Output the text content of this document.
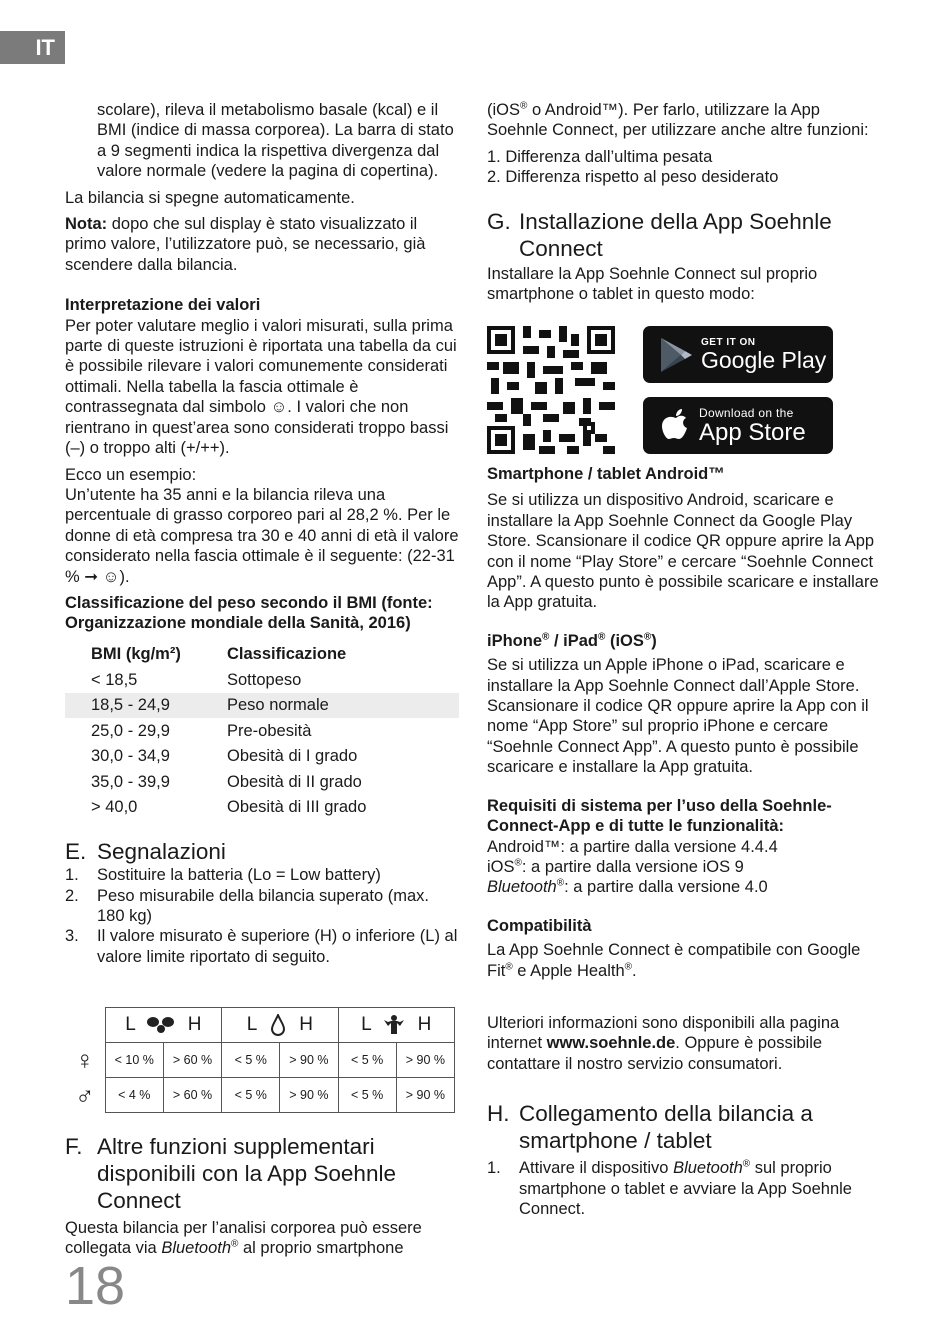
IT

scolare), rileva il metabolismo basale (kcal) e il BMI (indice di massa corporea). La barra di stato a 9 segmenti indica la rispettiva divergenza dal valore normale (vedere la pagina di copertina).

La bilancia si spegne automaticamente.

Nota: dopo che sul display è stato visualizzato il primo valore, l’utilizzatore può, se necessario, già scendere dalla bilancia.

Interpretazione dei valori

Per poter valutare meglio i valori misurati, sulla prima parte di queste istruzioni è riportata una tabella da cui è possibile rilevare i valori comunemente considerati ottimali. Nella tabella la fascia ottimale è contrassegnata dal simbolo ☺. I valori che non rientrano in quest’area sono considerati troppo bassi (–) o troppo alti (+/++).

Ecco un esempio:

Un’utente ha 35 anni e la bilancia rileva una percentuale di grasso corporeo pari al 28,2 %. Per le donne di età compresa tra 30 e 40 anni di età il valore considerato nella fascia ottimale è il seguente: (22-31 % ➞ ☺).

Classificazione del peso secondo il BMI (fonte: Organizzazione mondiale della Sanità, 2016)

BMI (kg/m²)	Classificazione
< 18,5	Sottopeso
18,5 - 24,9	Peso normale
25,0 - 29,9	Pre-obesità
30,0 - 34,9	Obesità di I grado
35,0 - 39,9	Obesità di II grado
> 40,0	Obesità di III grado
E. Segnalazioni
1.	Sostituire la batteria (Lo = Low battery)
2.	Peso misurabile della bilancia superato (max. 180 kg)
3.	Il valore misurato è superiore (H) o inferiore (L) al valore limite riportato di seguito.
	L H		L H		L H	
♀	< 10 %	> 60 %	< 5 %	> 90 %	< 5 %	> 90 %
♂	< 4 %	> 60 %	< 5 %	> 90 %	< 5 %	> 90 %
F. Altre funzioni supplementari disponibili con la App Soehnle Connect

Questa bilancia per l’analisi corporea può essere collegata via Bluetooth® al proprio smartphone

18

(iOS® o Android™). Per farlo, utilizzare la App Soehnle Connect, per utilizzare anche altre funzioni:

1. Differenza dall’ultima pesata

2. Differenza rispetto al peso desiderato

G. Installazione della App Soehnle Connect

Installare la App Soehnle Connect sul proprio smartphone o tablet in questo modo:

GET IT ON
Google Play
Download on the
App Store

Smartphone / tablet Android™

Se si utilizza un dispositivo Android, scaricare e installare la App Soehnle Connect da Google Play Store. Scansionare il codice QR oppure aprire la App con il nome “Play Store” e cercare “Soehnle Connect App”. A questo punto è possibile scaricare e installare la App gratuita.

iPhone® / iPad® (iOS®)

Se si utilizza un Apple iPhone o iPad, scaricare e installare la App Soehnle Connect dall’Apple Store. Scansionare il codice QR oppure aprire la App con il nome “App Store” sul proprio iPhone e cercare “Soehnle Connect App”. A questo punto è possibile scaricare e installare la App gratuita.

Requisiti di sistema per l’uso della Soehnle-Connect-App e di tutte le funzionalità:

Android™: a partire dalla versione 4.4.4

iOS®: a partire dalla versione iOS 9

Bluetooth®: a partire dalla versione 4.0

Compatibilità

La App Soehnle Connect è compatibile con Google Fit® e Apple Health®.

Ulteriori informazioni sono disponibili alla pagina internet www.soehnle.de. Oppure è possibile contattare il nostro servizio consumatori.

H. Collegamento della bilancia a smartphone / tablet
1.	Attivare il dispositivo Bluetooth® sul proprio smartphone o tablet e avviare la App Soehnle Connect.
